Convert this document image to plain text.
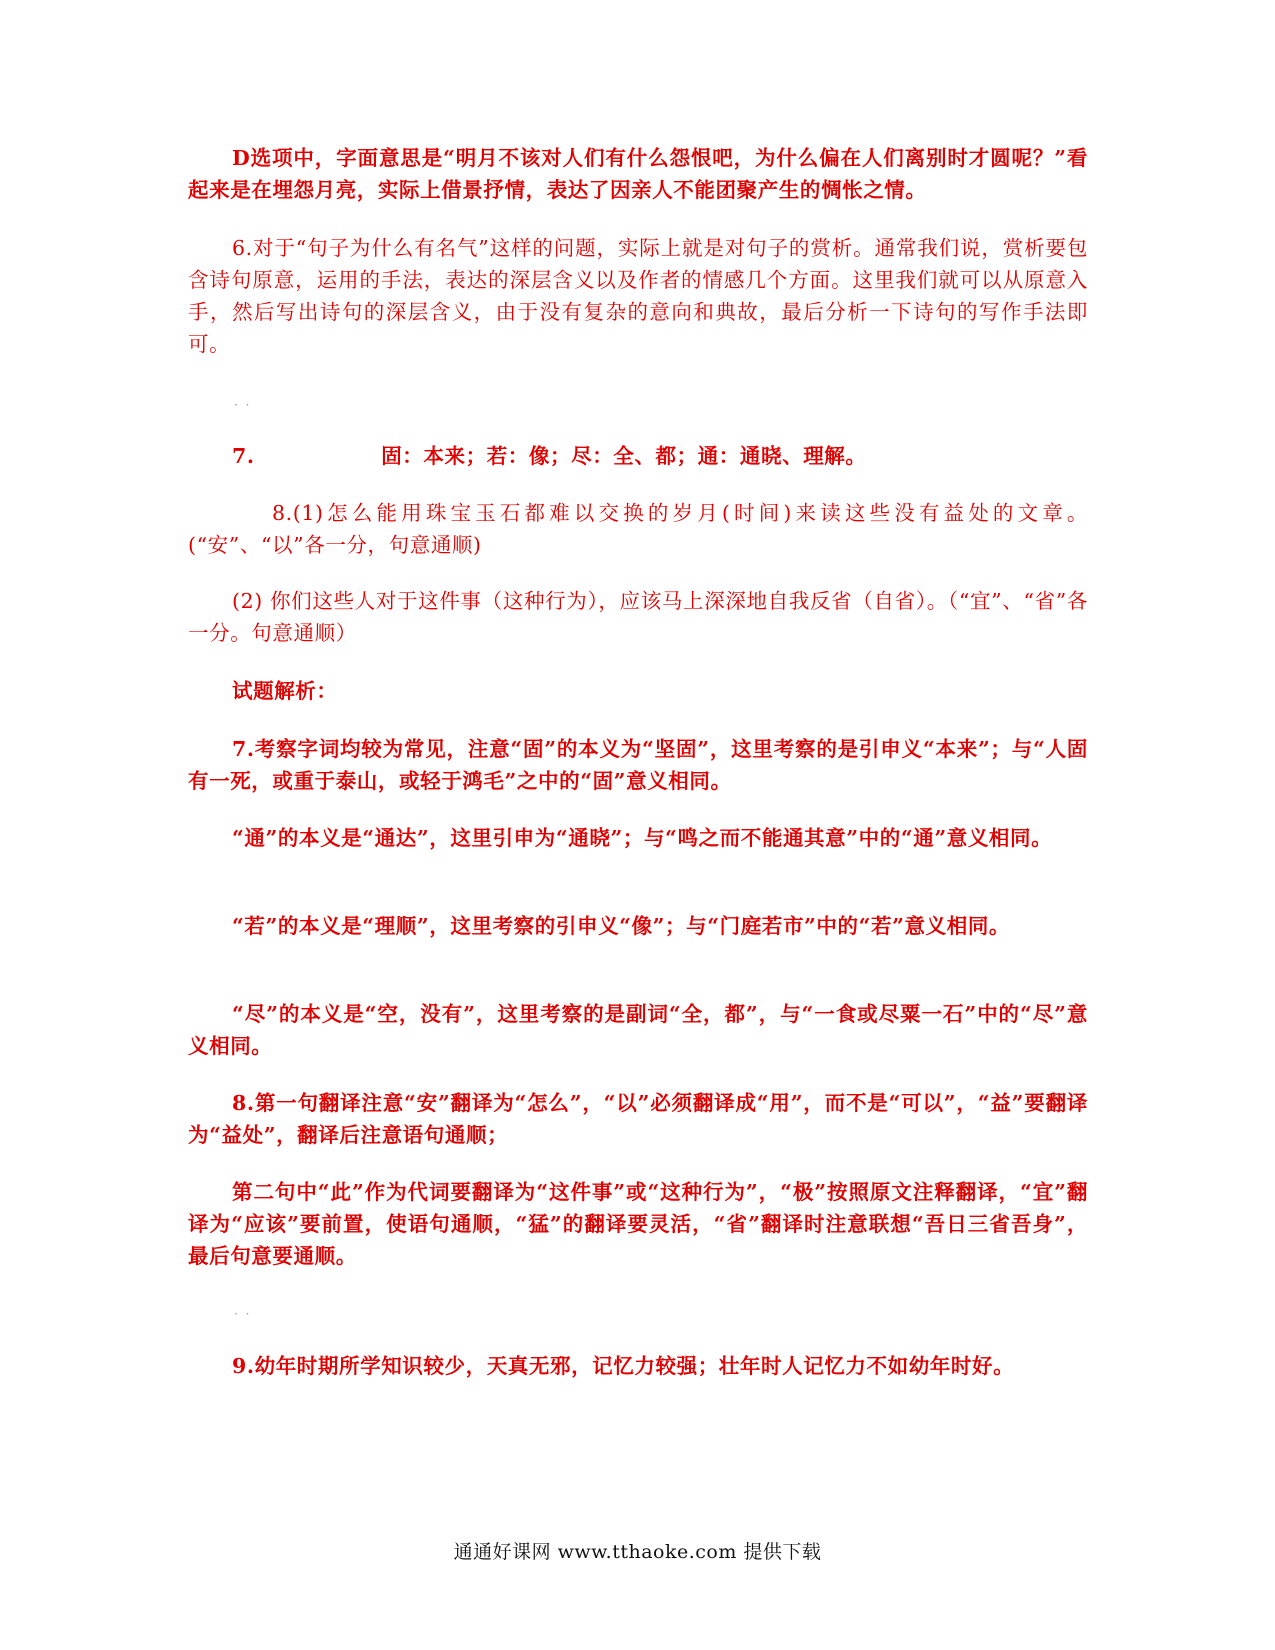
D选项中，字面意思是“明月不该对人们有什么怨恨吧，为什么偏在人们离别时才圆呢？”看起来是在埋怨月亮，实际上借景抒情，表达了因亲人不能团聚产生的惆怅之情。

6.对于“句子为什么有名气”这样的问题，实际上就是对句子的赏析。通常我们说，赏析要包含诗句原意，运用的手法，表达的深层含义以及作者的情感几个方面。这里我们就可以从原意入手，然后写出诗句的深层含义，由于没有复杂的意向和典故，最后分析一下诗句的写作手法即可。

· ·

7.　　　　　　固：本来；若：像；尽：全、都；通：通晓、理解。

8.(1)怎么能用珠宝玉石都难以交换的岁月(时间)来读这些没有益处的文章。(“安”、“以”各一分，句意通顺)

(2) 你们这些人对于这件事（这种行为），应该马上深深地自我反省（自省）。（“宜”、“省”各一分。句意通顺）

试题解析：

7.考察字词均较为常见，注意“固”的本义为“坚固”，这里考察的是引申义“本来”；与“人固有一死，或重于泰山，或轻于鸿毛”之中的“固”意义相同。

“通”的本义是“通达”，这里引申为“通晓”；与“鸣之而不能通其意”中的“通”意义相同。

“若”的本义是“理顺”，这里考察的引申义“像”；与“门庭若市”中的“若”意义相同。

“尽”的本义是“空，没有”，这里考察的是副词“全，都”，与“一食或尽粟一石”中的“尽”意义相同。

8.第一句翻译注意“安”翻译为“怎么”，“以”必须翻译成“用”，而不是“可以”，“益”要翻译为“益处”，翻译后注意语句通顺；

第二句中“此”作为代词要翻译为“这件事”或“这种行为”，“极”按照原文注释翻译，“宜”翻译为“应该”要前置，使语句通顺，“猛”的翻译要灵活，“省”翻译时注意联想“吾日三省吾身”，最后句意要通顺。

· ·

9.幼年时期所学知识较少，天真无邪，记忆力较强；壮年时人记忆力不如幼年时好。

通通好课网 www.tthaoke.com 提供下载
